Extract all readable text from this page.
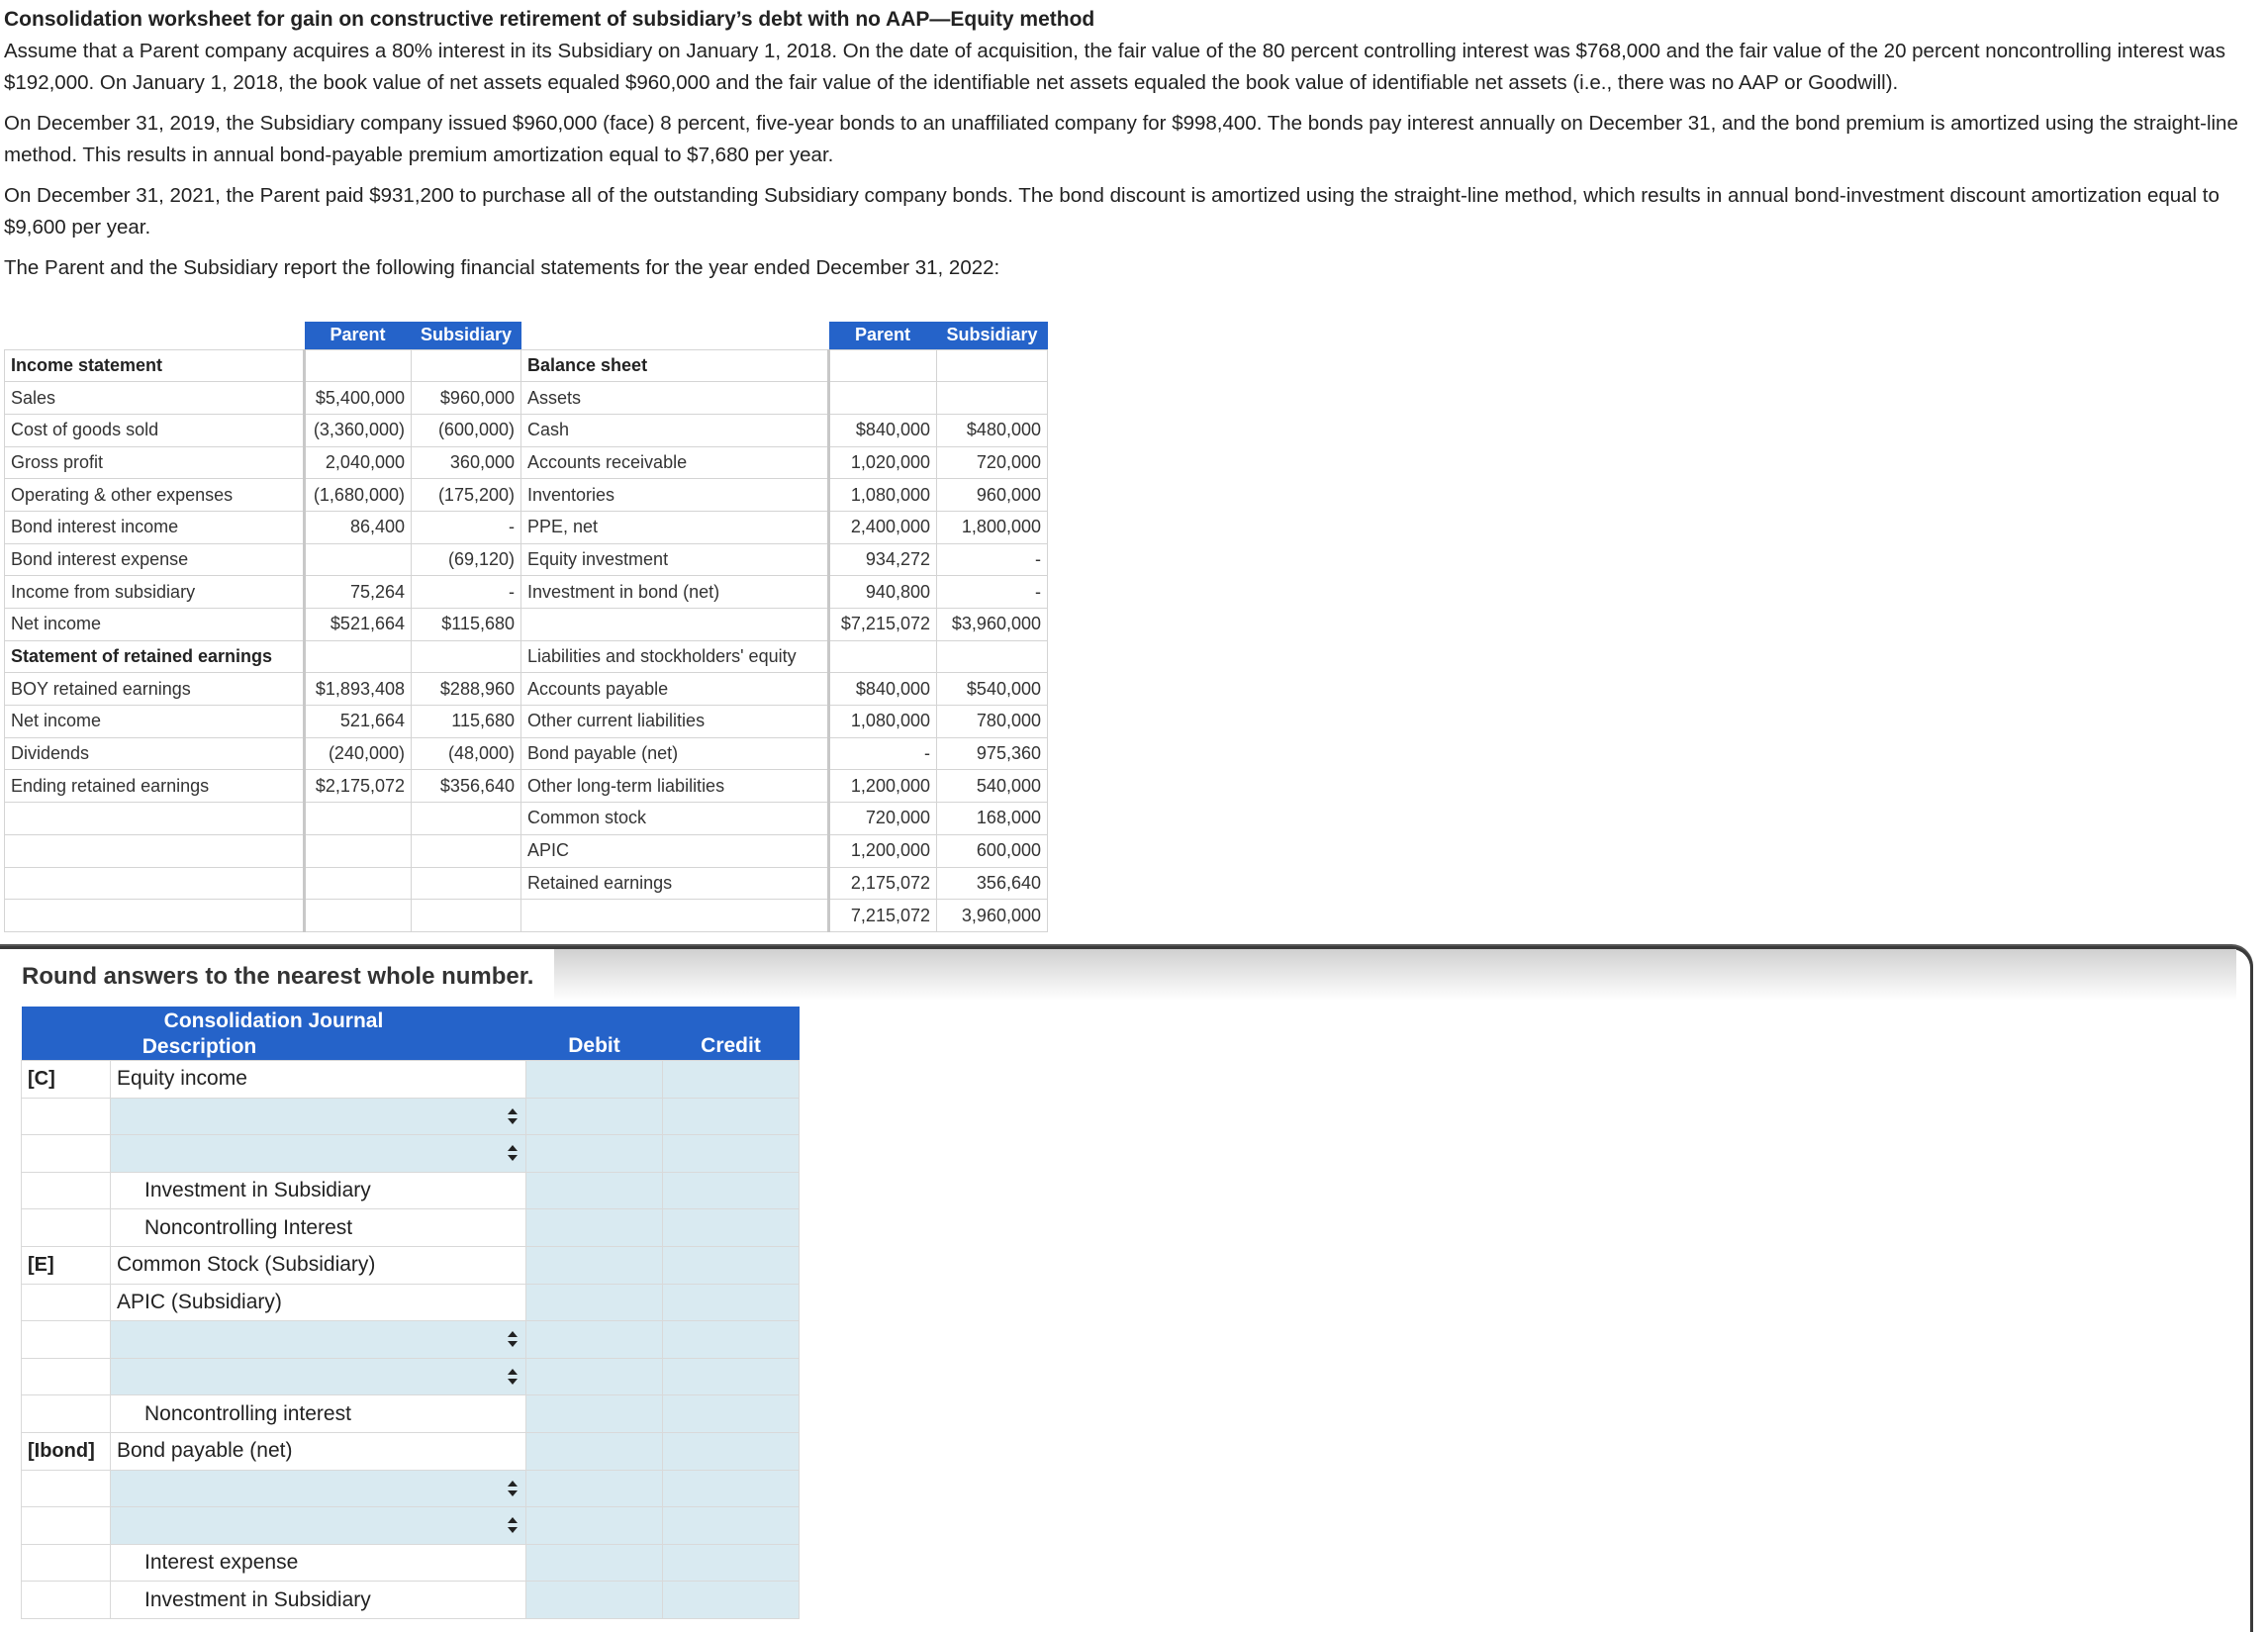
Consolidation worksheet for gain on constructive retirement of subsidiary’s debt with no AAP—Equity method

Assume that a Parent company acquires a 80% interest in its Subsidiary on January 1, 2018. On the date of acquisition, the fair value of the 80 percent controlling interest was $768,000 and the fair value of the 20 percent noncontrolling interest was $192,000. On January 1, 2018, the book value of net assets equaled $960,000 and the fair value of the identifiable net assets equaled the book value of identifiable net assets (i.e., there was no AAP or Goodwill).

On December 31, 2019, the Subsidiary company issued $960,000 (face) 8 percent, five-year bonds to an unaffiliated company for $998,400. The bonds pay interest annually on December 31, and the bond premium is amortized using the straight-line method. This results in annual bond-payable premium amortization equal to $7,680 per year.

On December 31, 2021, the Parent paid $931,200 to purchase all of the outstanding Subsidiary company bonds. The bond discount is amortized using the straight-line method, which results in annual bond-investment discount amortization equal to $9,600 per year.

The Parent and the Subsidiary report the following financial statements for the year ended December 31, 2022:

	Parent	Subsidiary		Parent	Subsidiary
Income statement			Balance sheet		
Sales	$5,400,000	$960,000	Assets		
Cost of goods sold	(3,360,000)	(600,000)	Cash	$840,000	$480,000
Gross profit	2,040,000	360,000	Accounts receivable	1,020,000	720,000
Operating & other expenses	(1,680,000)	(175,200)	Inventories	1,080,000	960,000
Bond interest income	86,400	-	PPE, net	2,400,000	1,800,000
Bond interest expense		(69,120)	Equity investment	934,272	-
Income from subsidiary	75,264	-	Investment in bond (net)	940,800	-
Net income	$521,664	$115,680		$7,215,072	$3,960,000
Statement of retained earnings			Liabilities and stockholders' equity		
BOY retained earnings	$1,893,408	$288,960	Accounts payable	$840,000	$540,000
Net income	521,664	115,680	Other current liabilities	1,080,000	780,000
Dividends	(240,000)	(48,000)	Bond payable (net)	-	975,360
Ending retained earnings	$2,175,072	$356,640	Other long-term liabilities	1,200,000	540,000
			Common stock	720,000	168,000
			APIC	1,200,000	600,000
			Retained earnings	2,175,072	356,640
				7,215,072	3,960,000
Round answers to the nearest whole number.
Consolidation Journal
Description		Debit	Credit
[C]	Equity income		

	Investment in Subsidiary		
	Noncontrolling Interest		
[E]	Common Stock (Subsidiary)		
	APIC (Subsidiary)		

	Noncontrolling interest		
[Ibond]	Bond payable (net)		

	Interest expense		
	Investment in Subsidiary		
